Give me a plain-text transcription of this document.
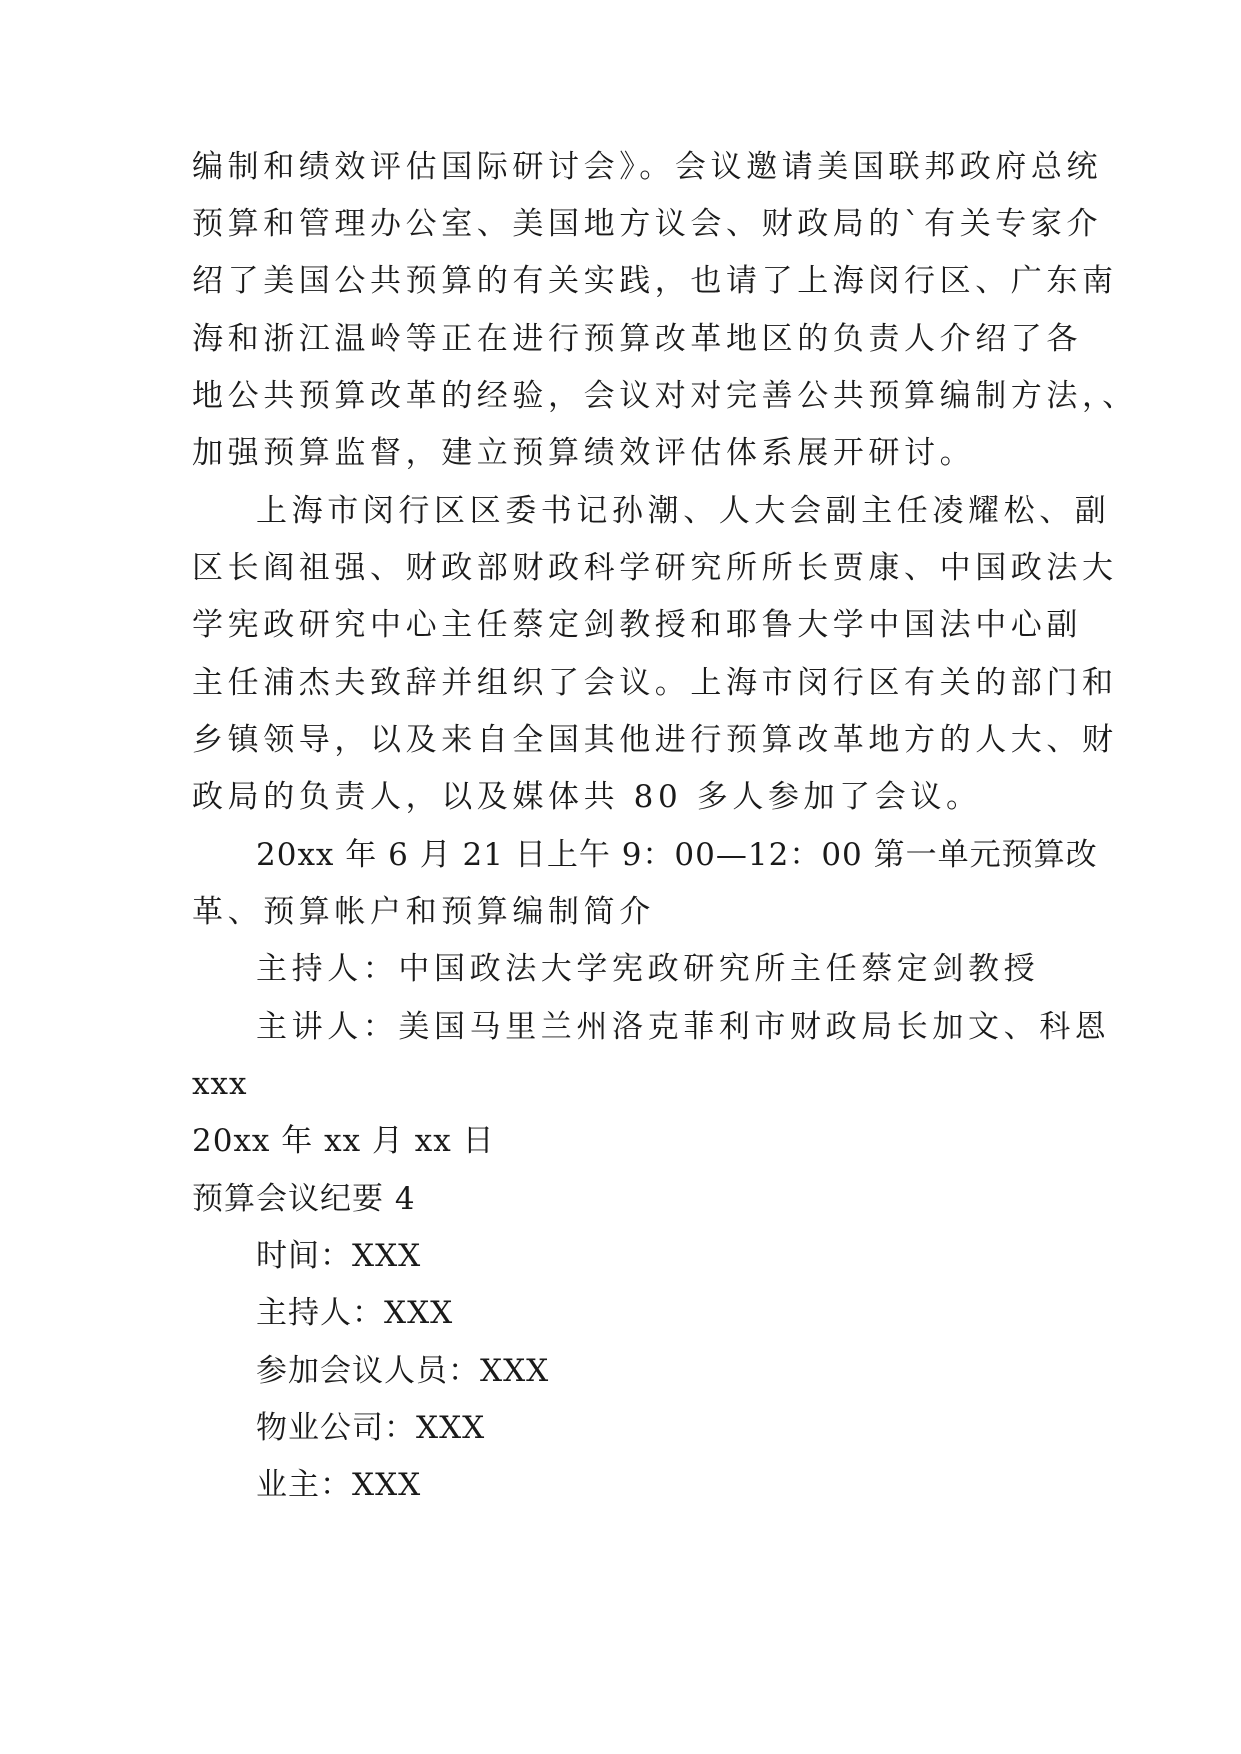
编制和绩效评估国际研讨会》。会议邀请美国联邦政府总统
预算和管理办公室、美国地方议会、财政局的`有关专家介
绍了美国公共预算的有关实践，也请了上海闵行区、广东南
海和浙江温岭等正在进行预算改革地区的负责人介绍了各
地公共预算改革的经验，会议对对完善公共预算编制方法，、
加强预算监督，建立预算绩效评估体系展开研讨。
上海市闵行区区委书记孙潮、人大会副主任凌耀松、副
区长阎祖强、财政部财政科学研究所所长贾康、中国政法大
学宪政研究中心主任蔡定剑教授和耶鲁大学中国法中心副
主任浦杰夫致辞并组织了会议。上海市闵行区有关的部门和
乡镇领导，以及来自全国其他进行预算改革地方的人大、财
政局的负责人，以及媒体共 80 多人参加了会议。
20xx 年 6 月 21 日上午 9：00—12：00 第一单元预算改
革、预算帐户和预算编制简介
主持人：中国政法大学宪政研究所主任蔡定剑教授
主讲人：美国马里兰州洛克菲利市财政局长加文、科恩
xxx
20xx 年 xx 月 xx 日
预算会议纪要 4
时间：XXX
主持人：XXX
参加会议人员：XXX
物业公司：XXX
业主：XXX
